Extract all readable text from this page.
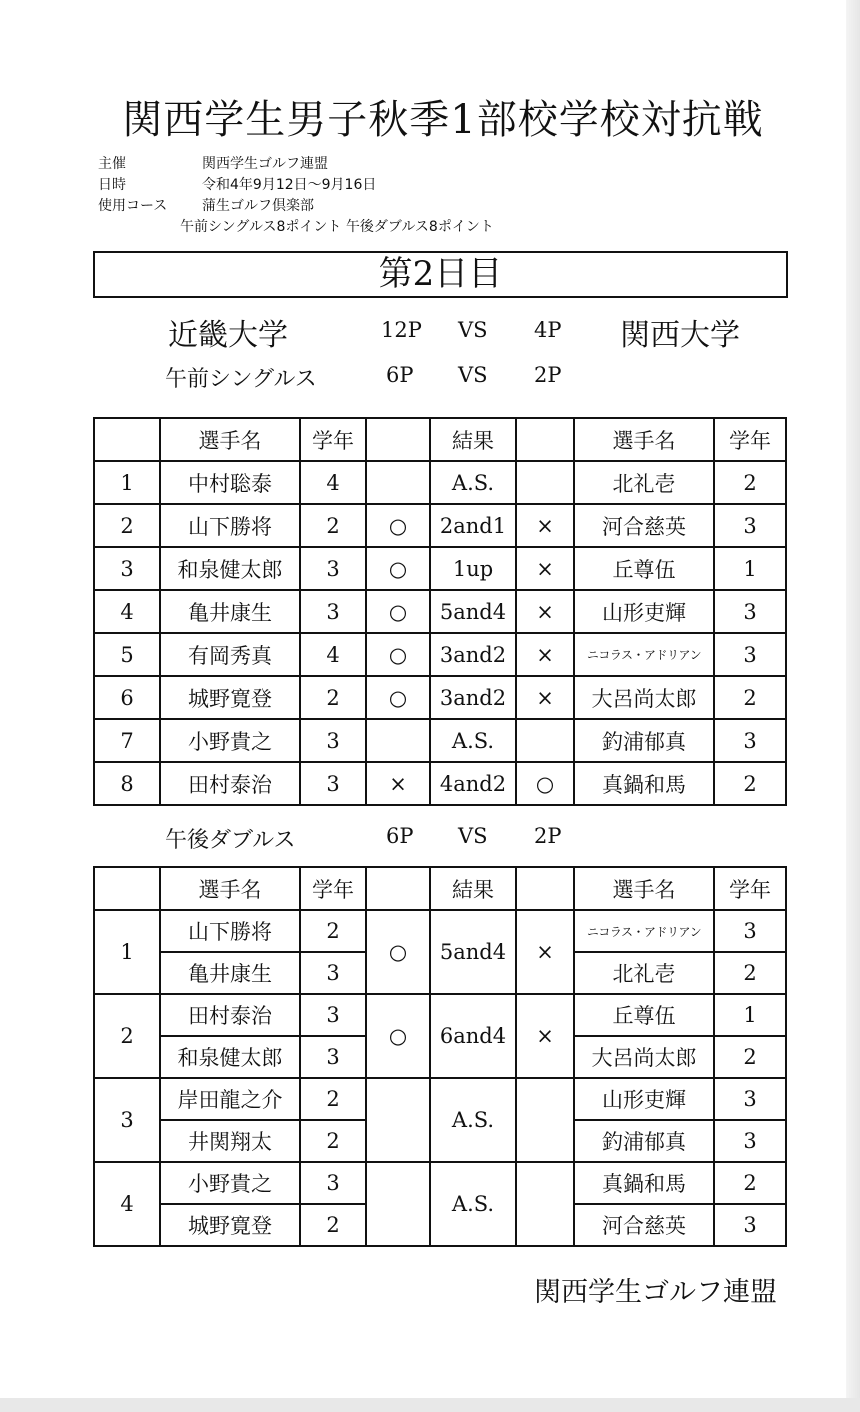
関西学生男子秋季1部校学校対抗戦
主催	関西学生ゴルフ連盟
日時	令和4年9月12日～9月16日
使用コース	蒲生ゴルフ倶楽部
午前シングルス8ポイント 午後ダブルス8ポイント
第2日目
近畿大学	12P VS 4P 関西大学
午前シングルス	6P VS 2P
	選手名	学年		結果		選手名	学年
1	中村聡泰	4		A.S.		北礼壱	2
2	山下勝将	2	○	2and1	×	河合慈英	3
3	和泉健太郎	3	○	1up	×	丘尊伍	1
4	亀井康生	3	○	5and4	×	山形吏輝	3
5	有岡秀真	4	○	3and2	×	ニコラス・アドリアン	3
6	城野寛登	2	○	3and2	×	大呂尚太郎	2
7	小野貴之	3		A.S.		釣浦郁真	3
8	田村泰治	3	×	4and2	○	真鍋和馬	2
午後ダブルス	6P VS 2P
	選手名	学年		結果		選手名	学年
1	山下勝将	2	○	5and4	×	ニコラス・アドリアン	3
	亀井康生	3				北礼壱	2
2	田村泰治	3	○	6and4	×	丘尊伍	1
	和泉健太郎	3				大呂尚太郎	2
3	岸田龍之介	2		A.S.		山形吏輝	3
	井関翔太	2				釣浦郁真	3
4	小野貴之	3		A.S.		真鍋和馬	2
	城野寛登	2				河合慈英	3
関西学生ゴルフ連盟
